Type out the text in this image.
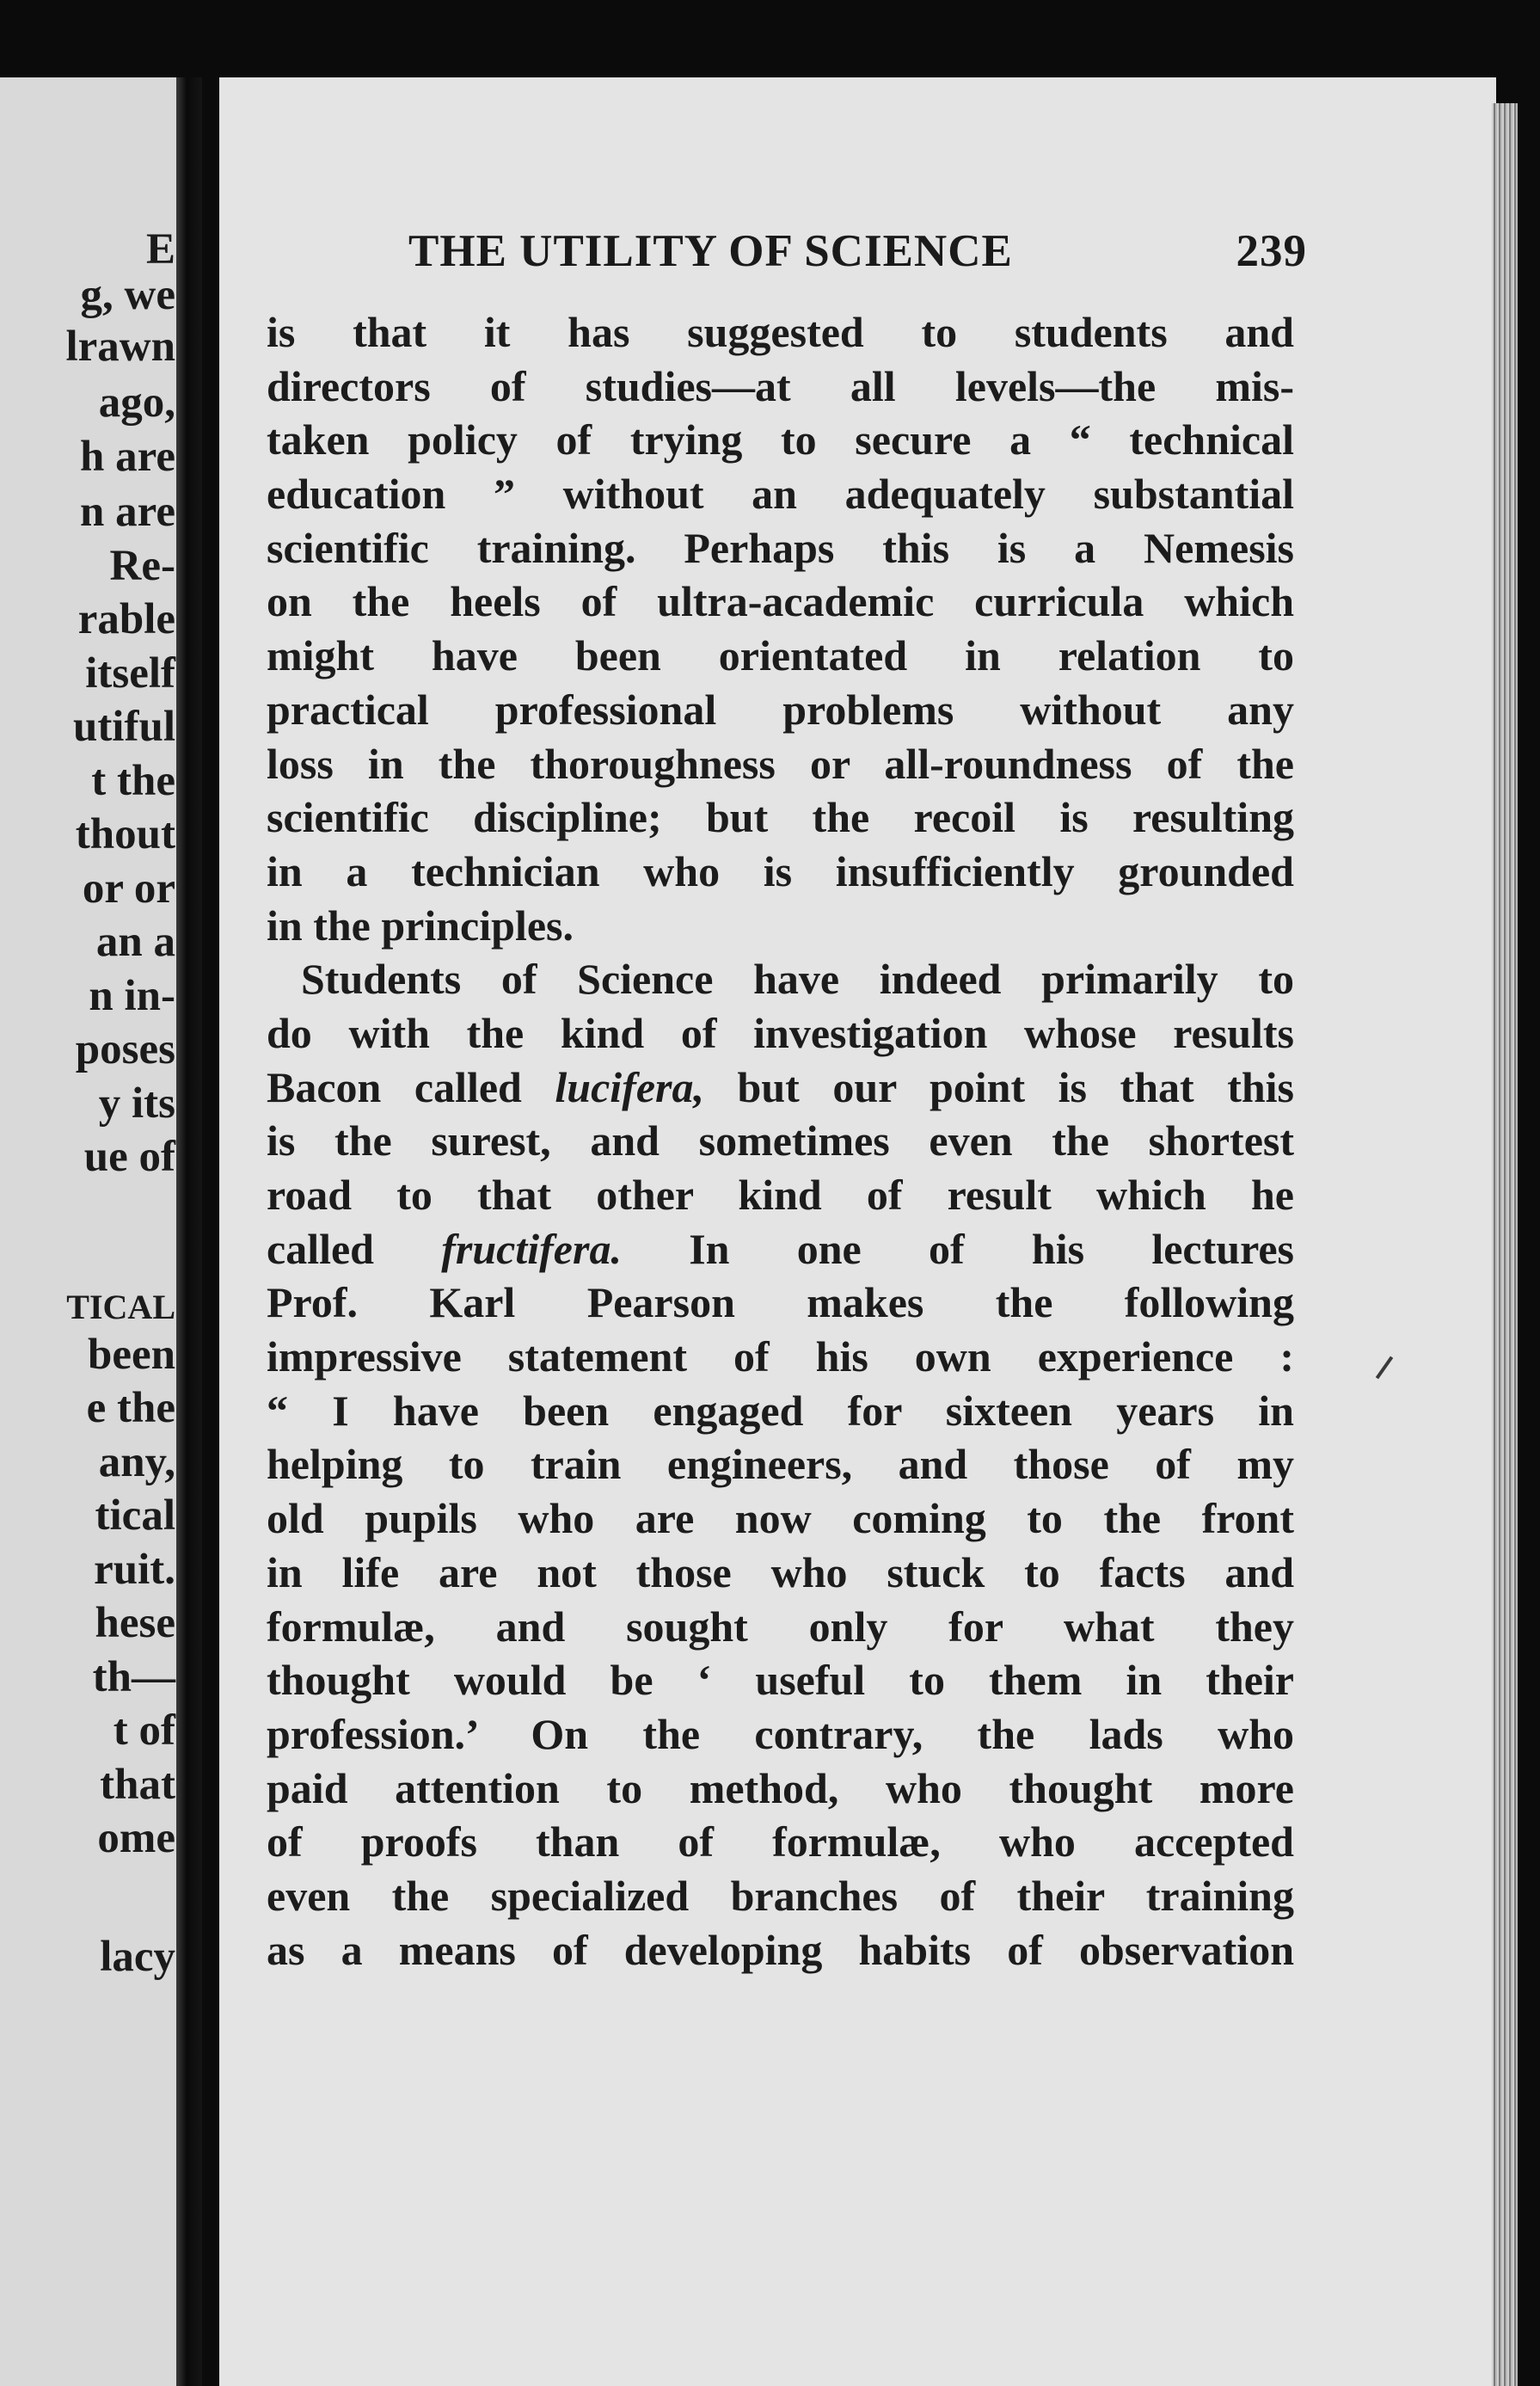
E
g, we
lrawn
ago,
h are
n are
Re-
rable
itself
utiful
t the
thout
or or
an a
n in-
poses
y its
ue of
TICAL
been
e the
any,
tical
ruit.
hese
th—
t of
that
ome
lacy
THE UTILITY OF SCIENCE	239
is that it has suggested to students and
directors of studies—at all levels—the mis-
taken policy of trying to secure a “ technical
education ” without an adequately substantial
scientific training. Perhaps this is a Nemesis
on the heels of ultra-academic curricula which
might have been orientated in relation to
practical professional problems without any
loss in the thoroughness or all-roundness of the
scientific discipline; but the recoil is resulting
in a technician who is insufficiently grounded
in the principles.
Students of Science have indeed primarily to
do with the kind of investigation whose results
Bacon called lucifera, but our point is that this
is the surest, and sometimes even the shortest
road to that other kind of result which he
called fructifera. In one of his lectures
Prof. Karl Pearson makes the following
impressive statement of his own experience :
“ I have been engaged for sixteen years in
helping to train engineers, and those of my
old pupils who are now coming to the front
in life are not those who stuck to facts and
formulæ, and sought only for what they
thought would be ‘ useful to them in their
profession.’ On the contrary, the lads who
paid attention to method, who thought more
of proofs than of formulæ, who accepted
even the specialized branches of their training
as a means of developing habits of observation
